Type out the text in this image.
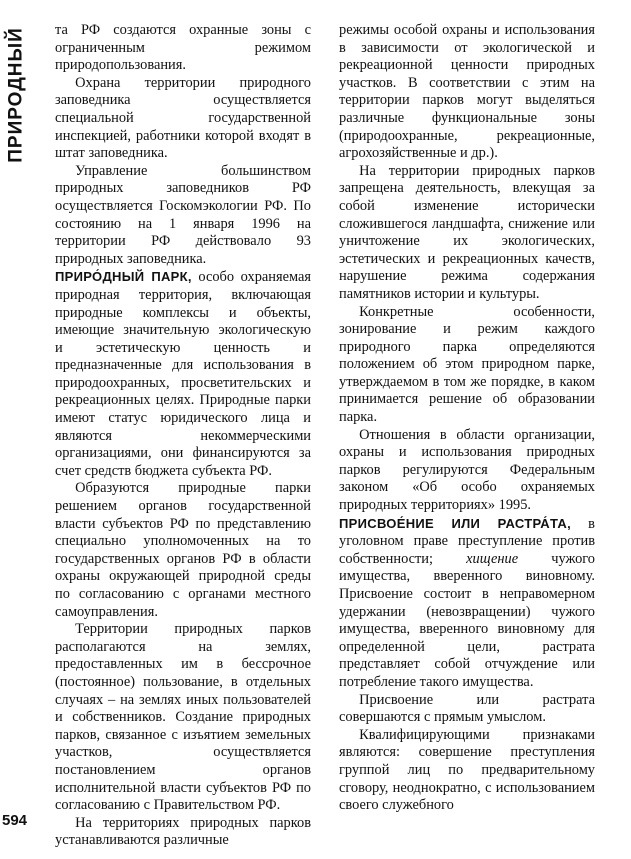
ПРИРОДНЫЙ та РФ создаются охранные зоны с ограниченным режимом природопользования.

Охрана территории природного заповедника осуществляется специальной государственной инспекцией, работники которой входят в штат заповедника.

Управление большинством природных заповедников РФ осуществляется Госкомэкологии РФ. По состоянию на 1 января 1996 на территории РФ действовало 93 природных заповедника.

ПРИРО́ДНЫЙ ПАРК, особо охраняемая природная территория, включающая природные комплексы и объекты, имеющие значительную экологическую и эстетическую ценность и предназначенные для использования в природоохранных, просветительских и рекреационных целях. Природные парки имеют статус юридического лица и являются некоммерческими организациями, они финансируются за счет средств бюджета субъекта РФ.

Образуются природные парки решением органов государственной власти субъектов РФ по представлению специально уполномоченных на то государственных органов РФ в области охраны окружающей природной среды по согласованию с органами местного самоуправления.

Территории природных парков располагаются на землях, предоставленных им в бессрочное (постоянное) пользование, в отдельных случаях – на землях иных пользователей и собственников. Создание природных парков, связанное с изъятием земельных участков, осуществляется постановлением органов исполнительной власти субъектов РФ по согласованию с Правительством РФ.

На территориях природных парков устанавливаются различные

режимы особой охраны и использования в зависимости от экологической и рекреационной ценности природных участков. В соответствии с этим на территории парков могут выделяться различные функциональные зоны (природоохранные, рекреационные, агрохозяйственные и др.).

На территории природных парков запрещена деятельность, влекущая за собой изменение исторически сложившегося ландшафта, снижение или уничтожение их экологических, эстетических и рекреационных качеств, нарушение режима содержания памятников истории и культуры.

Конкретные особенности, зонирование и режим каждого природного парка определяются положением об этом природном парке, утверждаемом в том же порядке, в каком принимается решение об образовании парка.

Отношения в области организации, охраны и использования природных парков регулируются Федеральным законом «Об особо охраняемых природных территориях» 1995.

ПРИСВОЕ́НИЕ ИЛИ РАСТРА́ТА, в уголовном праве преступление против собственности; хищение чужого имущества, вверенного виновному. Присвоение состоит в неправомерном удержании (невозвращении) чужого имущества, вверенного виновному для определенной цели, растрата представляет собой отчуждение или потребление такого имущества.

Присвоение или растрата совершаются с прямым умыслом.

Квалифицирующими признаками являются: совершение преступления группой лиц по предварительному сговору, неоднократно, с использованием своего служебного

594
